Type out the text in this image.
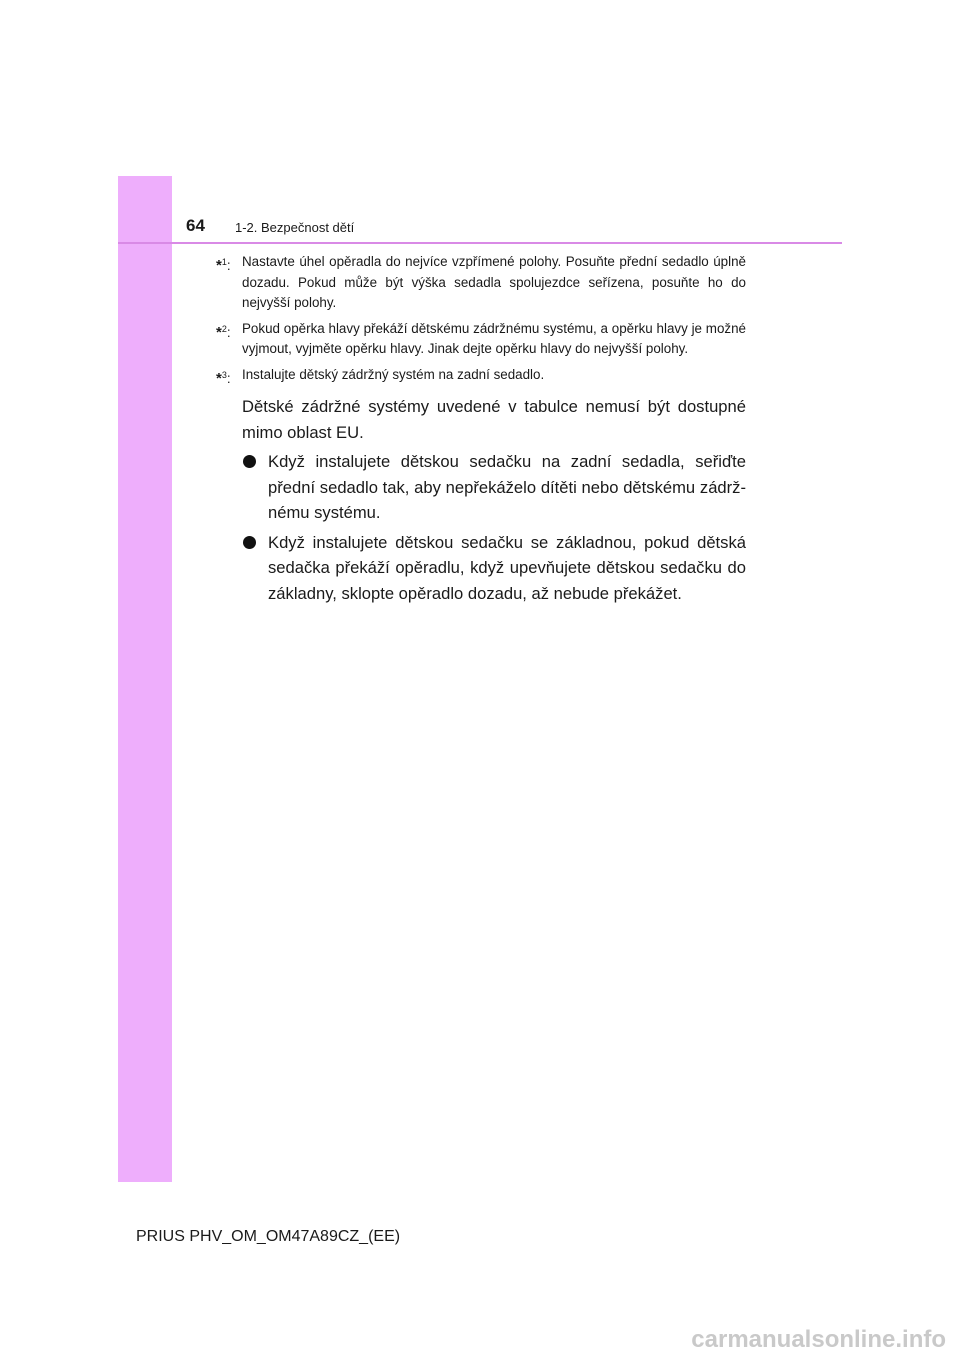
64 1-2. Bezpečnost dětí
*$^1$: Nastavte úhel opěradla do nejvíce vzpřímené polohy. Posuňte přední sedadlo úplně dozadu. Pokud může být výška sedadla spolujezdce seřízena, posuňte ho do nejvyšší polohy.
*$^2$: Pokud opěrka hlavy překáží dětskému zádržnému systému, a opěrku hlavy je možné vyjmout, vyjměte opěrku hlavy. Jinak dejte opěrku hlavy do nejvyšší polohy.
*$^3$: Instalujte dětský zádržný systém na zadní sedadlo.
Dětské zádržné systémy uvedené v tabulce nemusí být dostupné mimo oblast EU.
Když instalujete dětskou sedačku na zadní sedadla, seřiďte přední sedadlo tak, aby nepřekáželo dítěti nebo dětskému zádržnému systému.
Když instalujete dětskou sedačku se základnou, pokud dětská sedačka překáží opěradlu, když upevňujete dětskou sedačku do základny, sklopte opěradlo dozadu, až nebude překážet.
PRIUS PHV_OM_OM47A89CZ_(EE)
carmanualsonline.info
